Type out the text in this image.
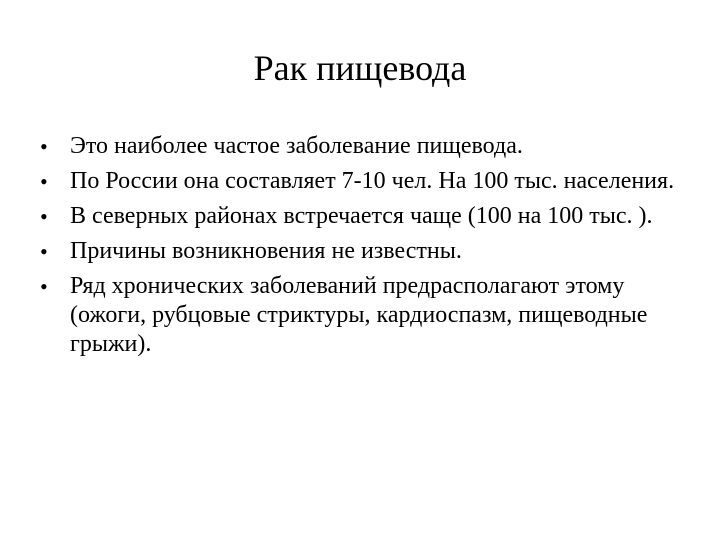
Рак пищевода
• Это наиболее частое заболевание пищевода.
• По России она составляет 7-10 чел. На 100 тыс. населения.
• В северных районах встречается чаще (100 на 100 тыс. ).
• Причины возникновения не известны.
• Ряд хронических заболеваний предрасполагают этому (ожоги, рубцовые стриктуры, кардиоспазм, пищеводные грыжи).
